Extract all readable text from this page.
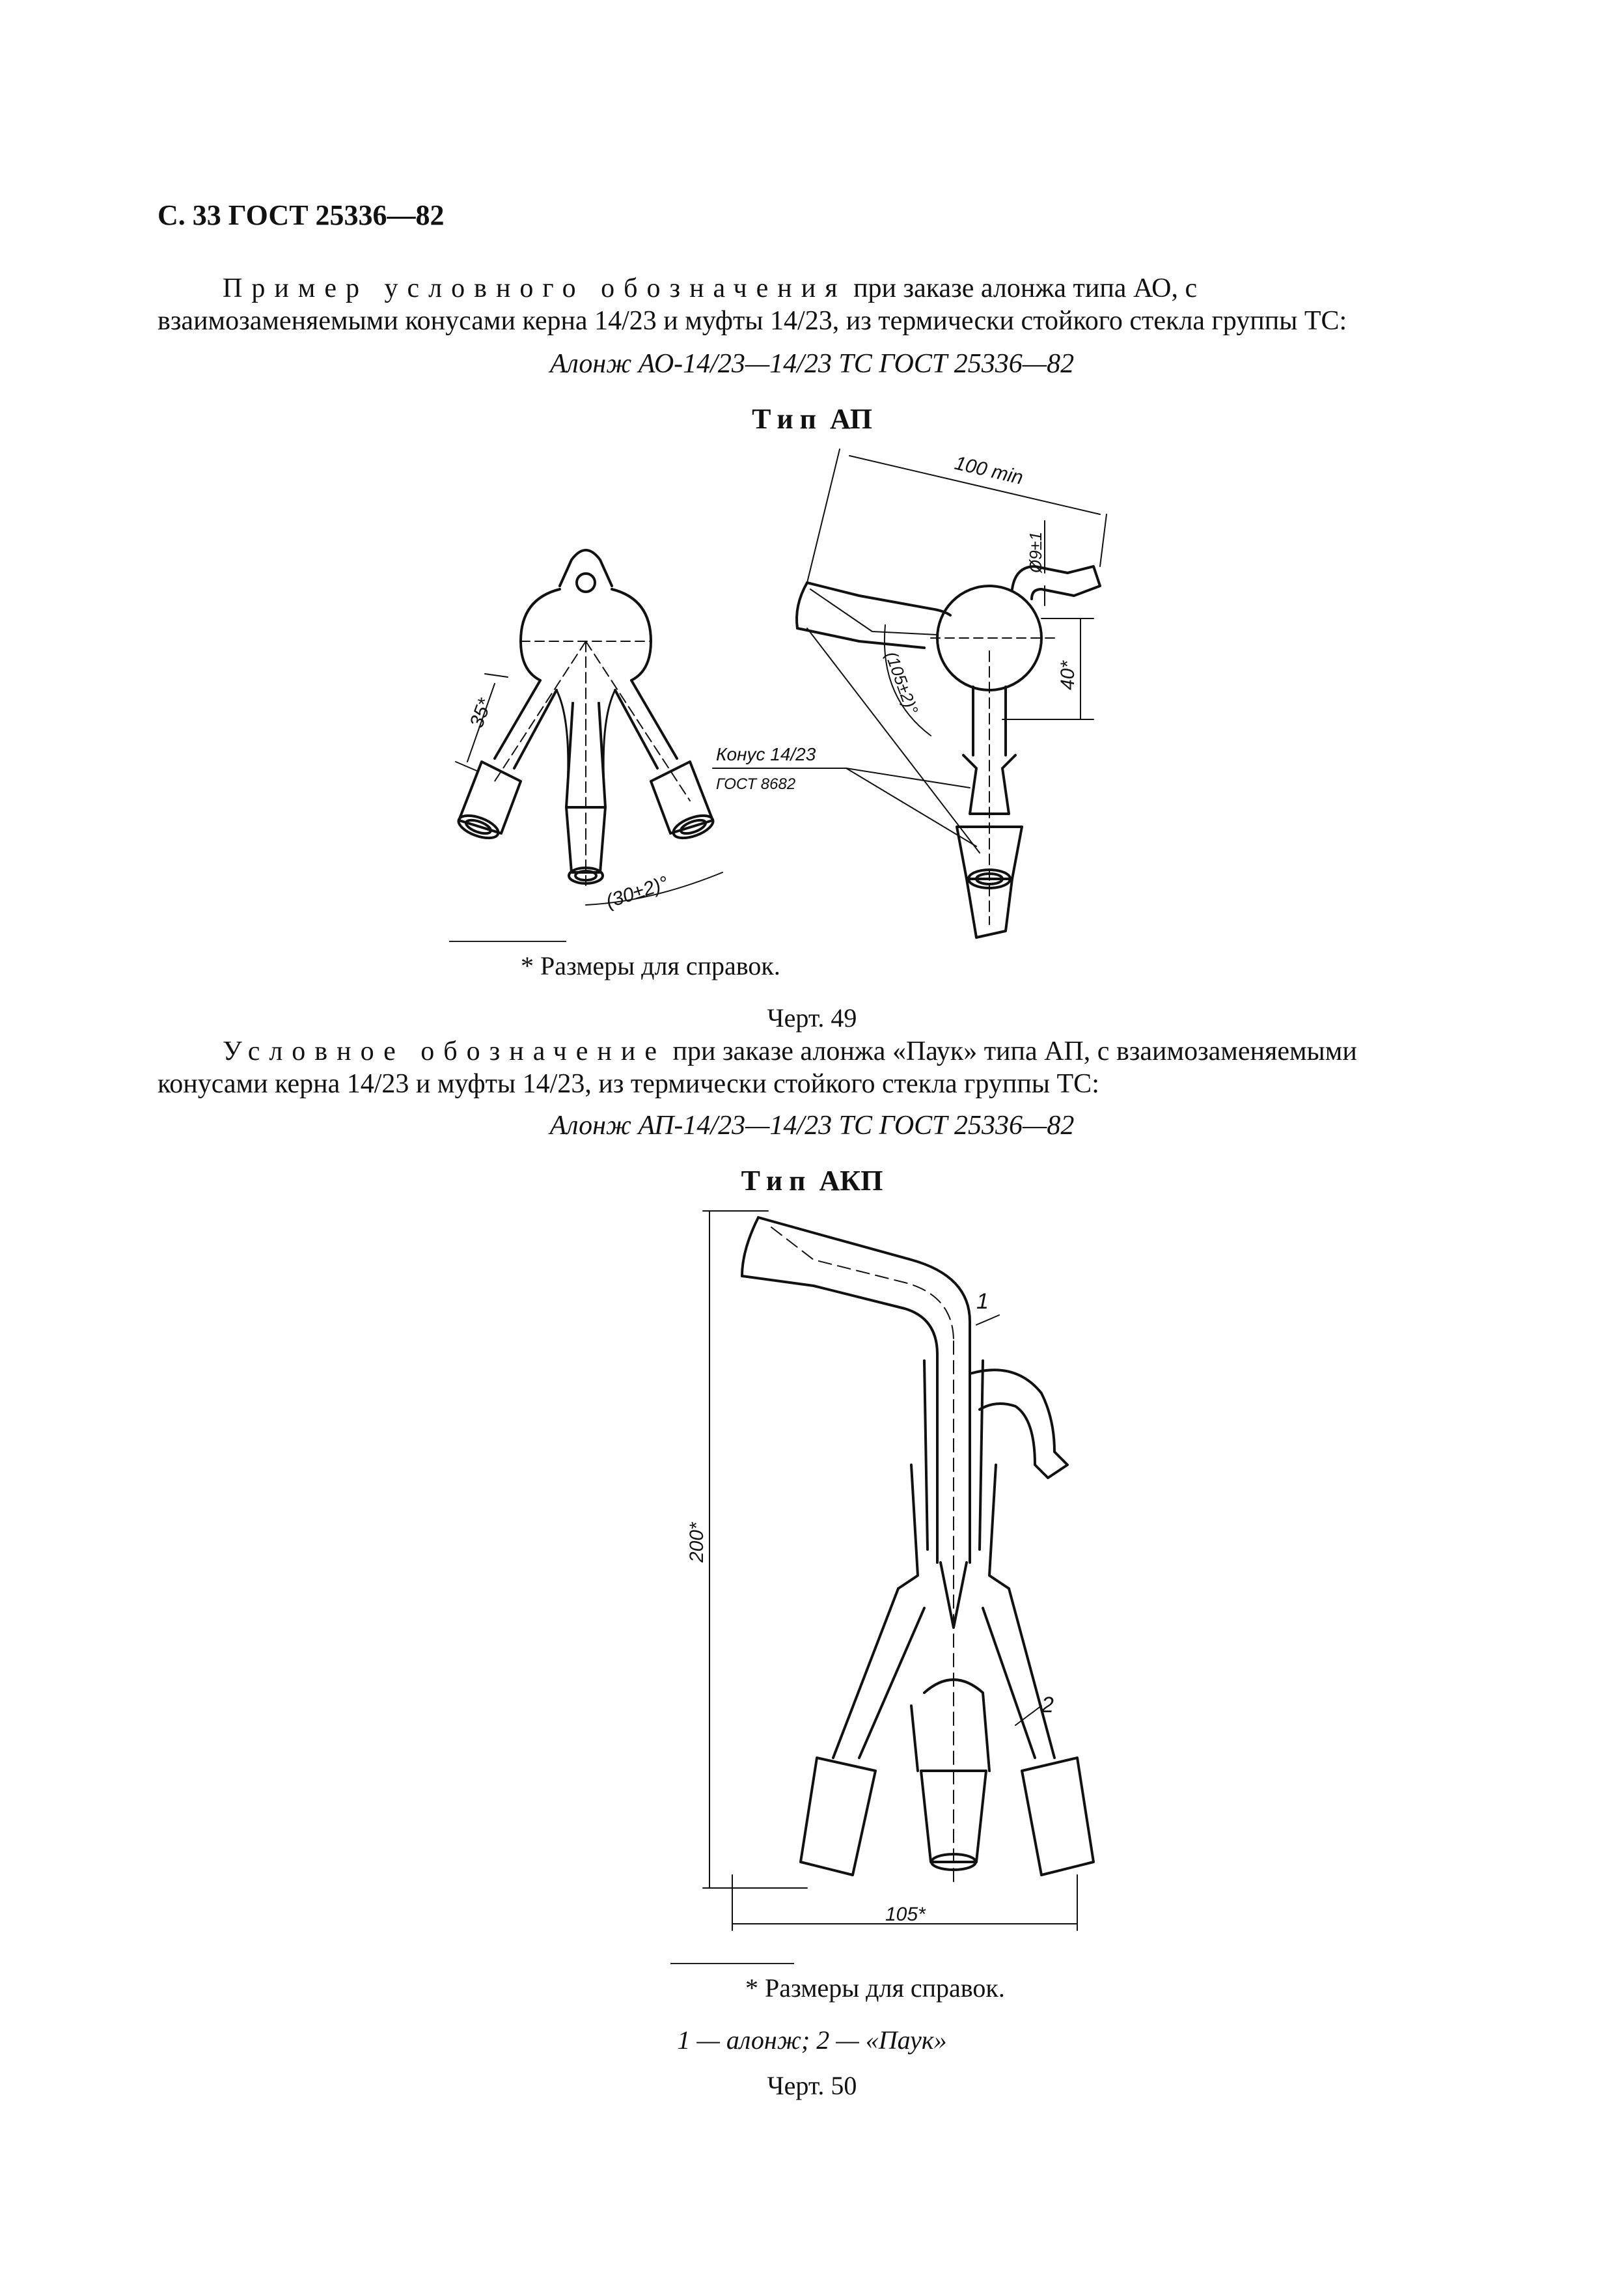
С. 33 ГОСТ 25336—82
Пример условного обозначения при заказе алонжа типа АО, с
взаимозаменяемыми конусами керна 14/23 и муфты 14/23, из термически стойкого стекла группы ТС:
Алонж АО-14/23—14/23 ТС ГОСТ 25336—82
Тип АП
35*
(30±2)°
100 min
Ø9±1
40*
(105±2)°
Конус 14/23
ГОСТ 8682
* Размеры для справок.
Черт. 49
Условное обозначение при заказе алонжа «Паук» типа АП, с взаимозаменяемыми
конусами керна 14/23 и муфты 14/23, из термически стойкого стекла группы ТС:
Алонж АП-14/23—14/23 ТС ГОСТ 25336—82
Тип АКП
200*
105*
1
2
* Размеры для справок.
1 — алонж; 2 — «Паук»
Черт. 50
